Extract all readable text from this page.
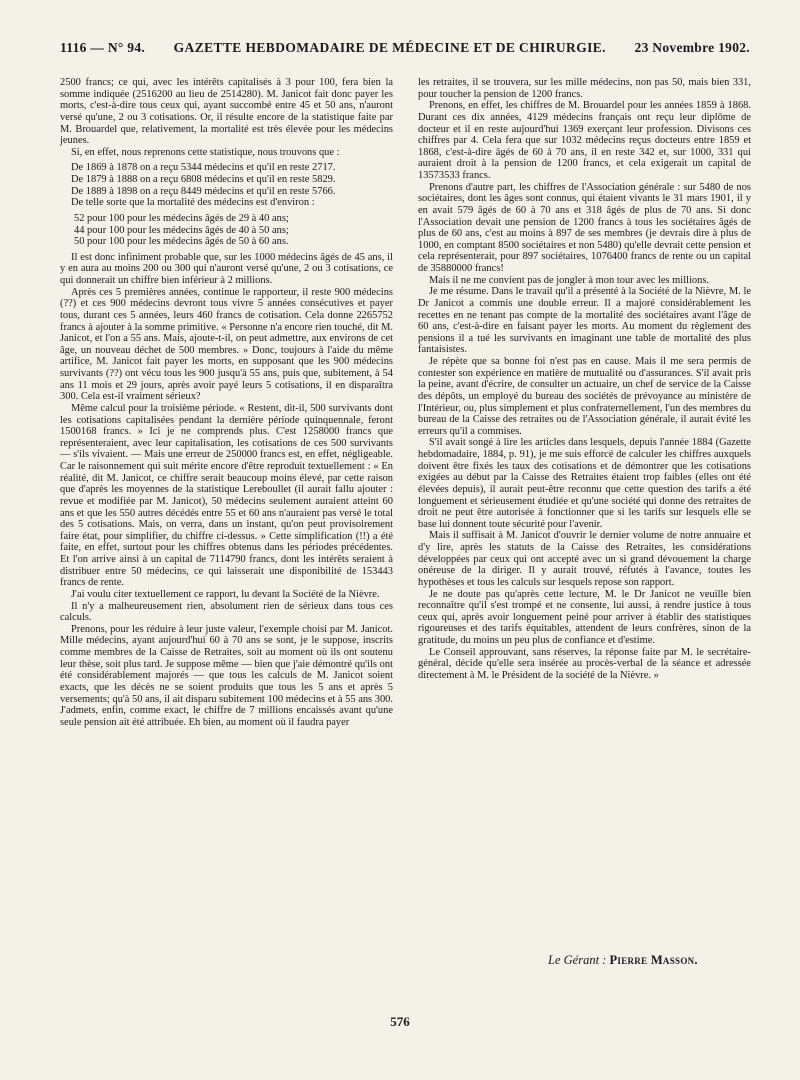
1116 — N° 94. GAZETTE HEBDOMADAIRE DE MÉDECINE ET DE CHIRURGIE. 23 Novembre 1902.

2500 francs; ce qui, avec les intérêts capitalisés à 3 pour 100, fera bien la somme indiquée (2516200 au lieu de 2514280). M. Janicot fait donc payer les morts, c'est-à-dire tous ceux qui, ayant succombé entre 45 et 50 ans, n'auront versé qu'une, 2 ou 3 cotisations. Or, il résulte encore de la statistique faite par M. Brouardel que, relativement, la mortalité est très élevée pour les médecins jeunes.

Si, en effet, nous reprenons cette statistique, nous trouvons que :

De 1869 à 1878 on a reçu 5344 médecins et qu'il en reste 2717.

De 1879 à 1888 on a reçu 6808 médecins et qu'il en reste 5829.

De 1889 à 1898 on a reçu 8449 médecins et qu'il en reste 5766.

De telle sorte que la mortalité des médecins est d'environ :

52 pour 100 pour les médecins âgés de 29 à 40 ans;

44 pour 100 pour les médecins âgés de 40 à 50 ans;

50 pour 100 pour les médecins âgés de 50 à 60 ans.

Il est donc infiniment probable que, sur les 1000 médecins âgés de 45 ans, il y en aura au moins 200 ou 300 qui n'auront versé qu'une, 2 ou 3 cotisations, ce qui donnerait un chiffre bien inférieur à 2 millions.

Après ces 5 premières années, continue le rapporteur, il reste 900 médecins (??) et ces 900 médecins devront tous vivre 5 années consécutives et payer tous, durant ces 5 années, leurs 460 francs de cotisation. Cela donne 2265752 francs à ajouter à la somme primitive. « Personne n'a encore rien touché, dit M. Janicot, et l'on a 55 ans. Mais, ajoute-t-il, on peut admettre, aux environs de cet âge, un nouveau déchet de 500 membres. » Donc, toujours à l'aide du même artifice, M. Janicot fait payer les morts, en supposant que les 900 médecins survivants (??) ont vécu tous les 900 jusqu'à 55 ans, puis que, subitement, à 54 ans 11 mois et 29 jours, après avoir payé leurs 5 cotisations, il en disparaîtra 300. Cela est-il vraiment sérieux?

Même calcul pour la troisième période. « Restent, dit-il, 500 survivants dont les cotisations capitalisées pendant la dernière période quinquennale, feront 1500168 francs. » Ici je ne comprends plus. C'est 1258000 francs que représenteraient, avec leur capitalisation, les cotisations de ces 500 survivants — s'ils vivaient. — Mais une erreur de 250000 francs est, en effet, négligeable. Car le raisonnement qui suit mérite encore d'être reproduit textuellement : « En réalité, dit M. Janicot, ce chiffre serait beaucoup moins élevé, par cette raison que d'après les moyennes de la statistique Lereboullet (il aurait fallu ajouter : revue et modifiée par M. Janicot), 50 médecins seulement auraient atteint 60 ans et que les 550 autres décédés entre 55 et 60 ans n'auraient pas versé le total des 5 cotisations. Mais, on verra, dans un instant, qu'on peut provisoirement faire état, pour simplifier, du chiffre ci-dessus. » Cette simplification (!!) a été faite, en effet, surtout pour les chiffres obtenus dans les périodes précédentes. Et l'on arrive ainsi à un capital de 7114790 francs, dont les intérêts seraient à distribuer entre 50 médecins, ce qui laisserait une disponibilité de 153443 francs de rente.

J'ai voulu citer textuellement ce rapport, lu devant la Société de la Nièvre.

Il n'y a malheureusement rien, absolument rien de sérieux dans tous ces calculs.

Prenons, pour les réduire à leur juste valeur, l'exemple choisi par M. Janicot. Mille médecins, ayant aujourd'hui 60 à 70 ans se sont, je le suppose, inscrits comme membres de la Caisse de Retraites, soit au moment où ils ont soutenu leur thèse, soit plus tard. Je suppose même — bien que j'aie démontré qu'ils ont été considérablement majorés — que tous les calculs de M. Janicot soient exacts, que les décès ne se soient produits que tous les 5 ans et après 5 versements; qu'à 50 ans, il ait disparu subitement 100 médecins et à 55 ans 300. J'admets, enfin, comme exact, le chiffre de 7 millions encaissés avant qu'une seule pension ait été attribuée. Eh bien, au moment où il faudra payer

les retraites, il se trouvera, sur les mille médecins, non pas 50, mais bien 331, pour toucher la pension de 1200 francs.

Prenons, en effet, les chiffres de M. Brouardel pour les années 1859 à 1868. Durant ces dix années, 4129 médecins français ont reçu leur diplôme de docteur et il en reste aujourd'hui 1369 exerçant leur profession. Divisons ces chiffres par 4. Cela fera que sur 1032 médecins reçus docteurs entre 1859 et 1868, c'est-à-dire âgés de 60 à 70 ans, il en reste 342 et, sur 1000, 331 qui auraient droit à la pension de 1200 francs, et cela exigerait un capital de 13573533 francs.

Prenons d'autre part, les chiffres de l'Association générale : sur 5480 de nos sociétaires, dont les âges sont connus, qui étaient vivants le 31 mars 1901, il y en avait 579 âgés de 60 à 70 ans et 318 âgés de plus de 70 ans. Si donc l'Association devait une pension de 1200 francs à tous les sociétaires âgés de plus de 60 ans, c'est au moins à 897 de ses membres (je devrais dire à plus de 1000, en comptant 8500 sociétaires et non 5480) qu'elle devrait cette pension et cela représenterait, pour 897 sociétaires, 1076400 francs de rente ou un capital de 35880000 francs!

Mais il ne me convient pas de jongler à mon tour avec les millions.

Je me résume. Dans le travail qu'il a présenté à la Société de la Nièvre, M. le Dr Janicot a commis une double erreur. Il a majoré considérablement les recettes en ne tenant pas compte de la mortalité des sociétaires avant l'âge de 60 ans, c'est-à-dire en faisant payer les morts. Au moment du règlement des pensions il a tué les survivants en imaginant une table de mortalité des plus fantaisistes.

Je répète que sa bonne foi n'est pas en cause. Mais il me sera permis de contester son expérience en matière de mutualité ou d'assurances. S'il avait pris la peine, avant d'écrire, de consulter un actuaire, un chef de service de la Caisse des dépôts, un employé du bureau des sociétés de prévoyance au ministère de l'Intérieur, ou, plus simplement et plus confraternellement, l'un des membres du bureau de la Caisse des retraites ou de l'Association générale, il aurait évité les erreurs qu'il a commises.

S'il avait songé à lire les articles dans lesquels, depuis l'année 1884 (Gazette hebdomadaire, 1884, p. 91), je me suis efforcé de calculer les chiffres auxquels doivent être fixés les taux des cotisations et de démontrer que les cotisations exigées au début par la Caisse des Retraites étaient trop faibles (elles ont été élevées depuis), il aurait peut-être reconnu que cette question des tarifs a été longuement et sérieusement étudiée et qu'une société qui donne des retraites de droit ne peut être autorisée à fonctionner que si les tarifs sur lesquels elle se base lui donnent toute sécurité pour l'avenir.

Mais il suffisait à M. Janicot d'ouvrir le dernier volume de notre annuaire et d'y lire, après les statuts de la Caisse des Retraites, les considérations développées par ceux qui ont accepté avec un si grand dévouement la charge onéreuse de la diriger. Il y aurait trouvé, réfutés à l'avance, toutes les hypothèses et tous les calculs sur lesquels repose son rapport.

Je ne doute pas qu'après cette lecture, M. le Dr Janicot ne veuille bien reconnaître qu'il s'est trompé et ne consente, lui aussi, à rendre justice à tous ceux qui, après avoir longuement peiné pour arriver à établir des statistiques rigoureuses et des tarifs équitables, attendent de leurs confrères, sinon de la gratitude, du moins un peu plus de confiance et d'estime.

Le Conseil approuvant, sans réserves, la réponse faite par M. le secrétaire-général, décide qu'elle sera insérée au procès-verbal de la séance et adressée directement à M. le Président de la société de la Nièvre. »

Le Gérant : Pierre Masson.
576
